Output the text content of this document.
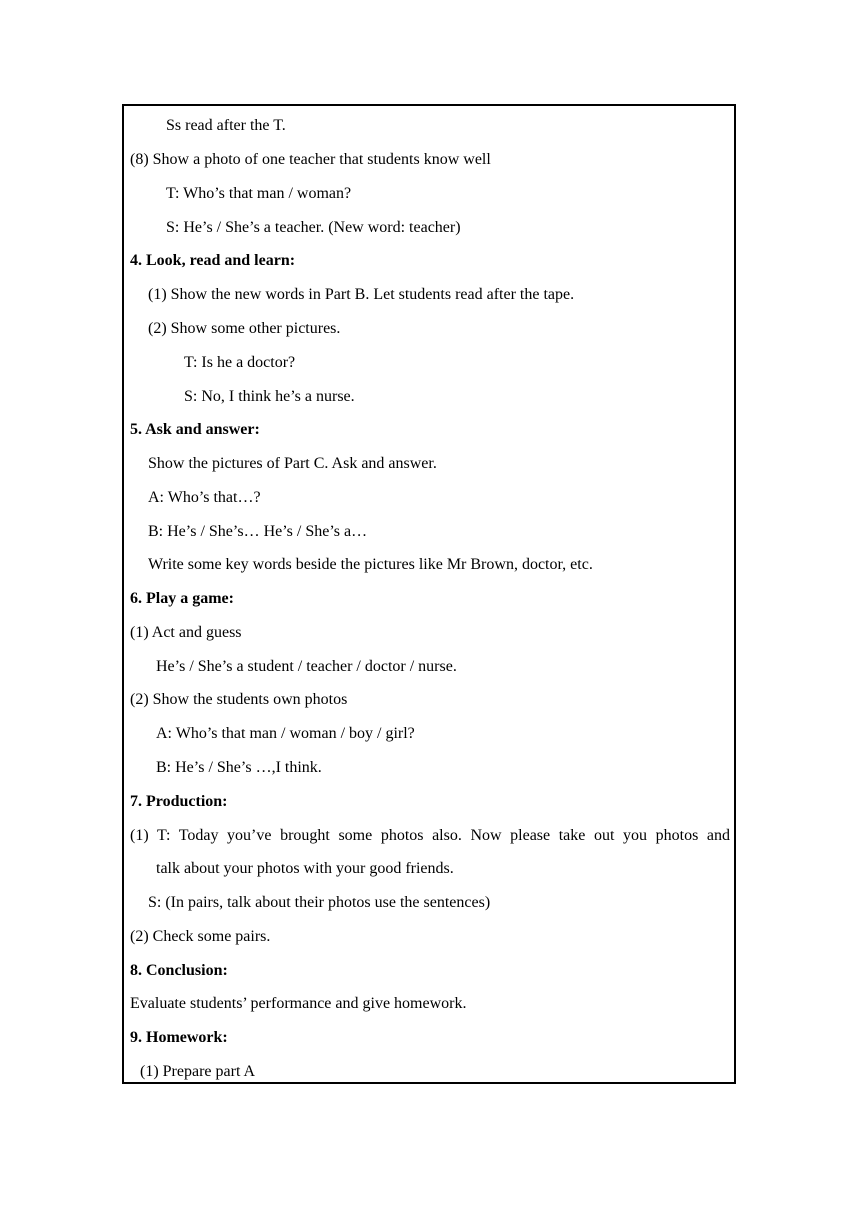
Ss read after the T.
(8) Show a photo of one teacher that students know well
T: Who’s that man / woman?
S: He’s / She’s a teacher. (New word: teacher)
4. Look, read and learn:
(1) Show the new words in Part B. Let students read after the tape.
(2) Show some other pictures.
T: Is he a doctor?
S: No, I think he’s a nurse.
5. Ask and answer:
Show the pictures of Part C. Ask and answer.
A: Who’s that…?
B: He’s / She’s… He’s / She’s a…
Write some key words beside the pictures like Mr Brown, doctor, etc.
6. Play a game:
(1) Act and guess
He’s / She’s a student / teacher / doctor / nurse.
(2) Show the students own photos
A: Who’s that man / woman / boy / girl?
B: He’s / She’s …,I think.
7. Production:
(1) T: Today you’ve brought some photos also. Now please take out you photos and
talk about your photos with your good friends.
S: (In pairs, talk about their photos use the sentences)
(2) Check some pairs.
8. Conclusion:
Evaluate students’ performance and give homework.
9. Homework:
(1) Prepare part A
